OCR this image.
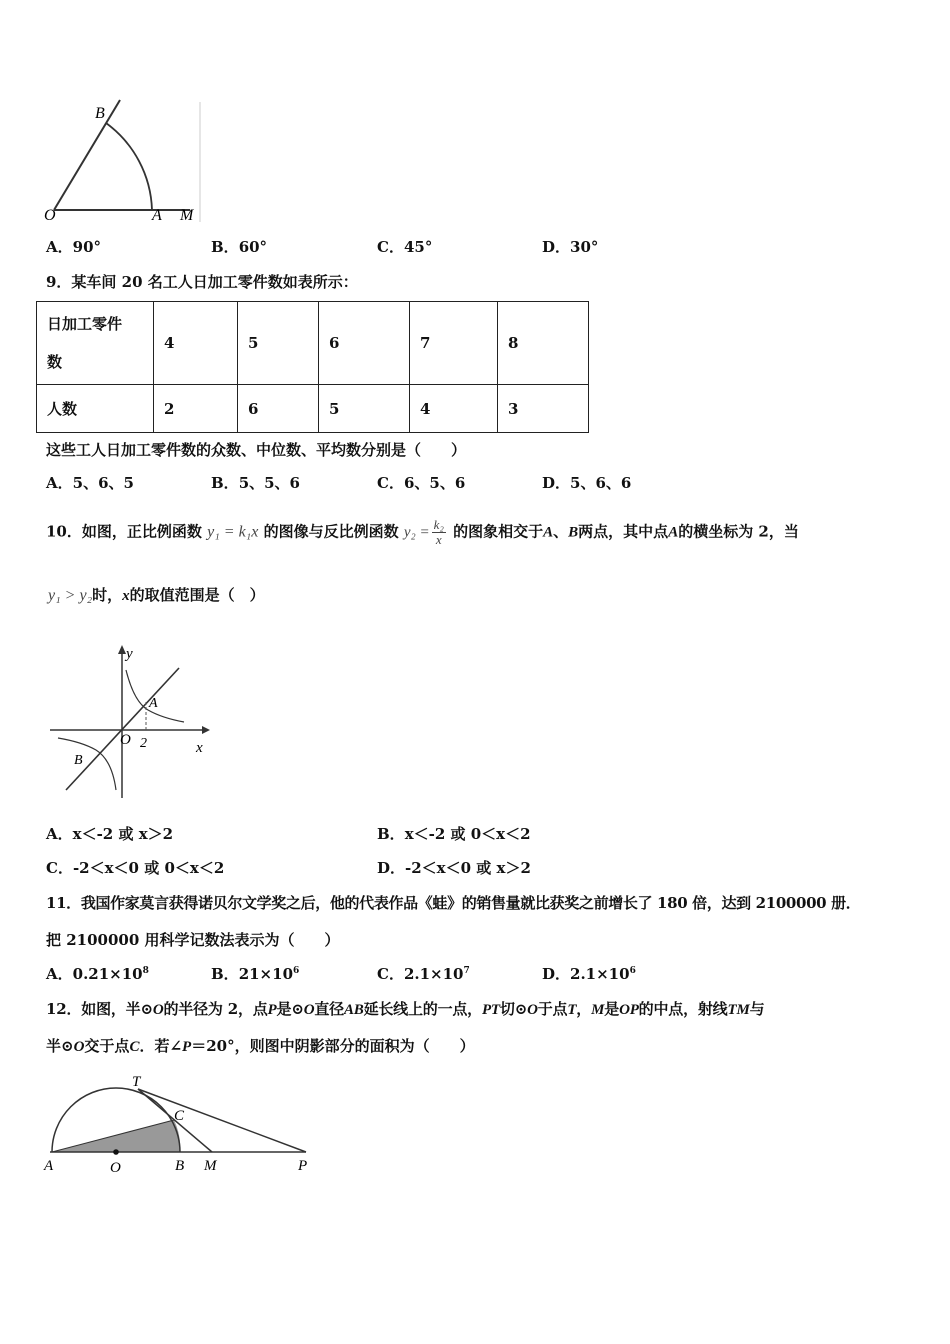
B
O	A M
A．90°	B．60°	C．45°	D．30°
9．某车间 20 名工人日加工零件数如表所示：
日加工零件
数	4	5	6	7	8
人数	2	6	5	4	3
这些工人日加工零件数的众数、中位数、平均数分别是（　　）
A．5、6、5	B．5、5、6	C．6、5、6	D．5、6、6
10．如图，正比例函数 y₁ = k₁x 的图像与反比例函数 $y_2 = \frac{\text{k₂}}{x}$ 的图象相交于A、B两点，其中点A的横坐标为 2，当
y₁ > y₂时，x的取值范围是（　）
y
x
O
A
B
2
A．x＜-2 或 x＞2	B．x＜-2 或 0＜x＜2
C．-2＜x＜0 或 0＜x＜2	D．-2＜x＜0 或 x＞2
11．我国作家莫言获得诺贝尔文学奖之后，他的代表作品《蛙》的销售量就比获奖之前增长了 180 倍，达到 2100000 册．
把 2100000 用科学记数法表示为（　　）
A．$0.21\times 10^8$	B．$21\times 10^6$	C．$2.1\times 10^7$	D．$2.1\times 10^6$
12．如图，半⊙O的半径为 2，点P是⊙O直径AB延长线上的一点，PT切⊙O于点T，M是OP的中点，射线TM与
半⊙O交于点C．若∠P＝20°，则图中阴影部分的面积为（　　）
T
C
A	O	B M	P
